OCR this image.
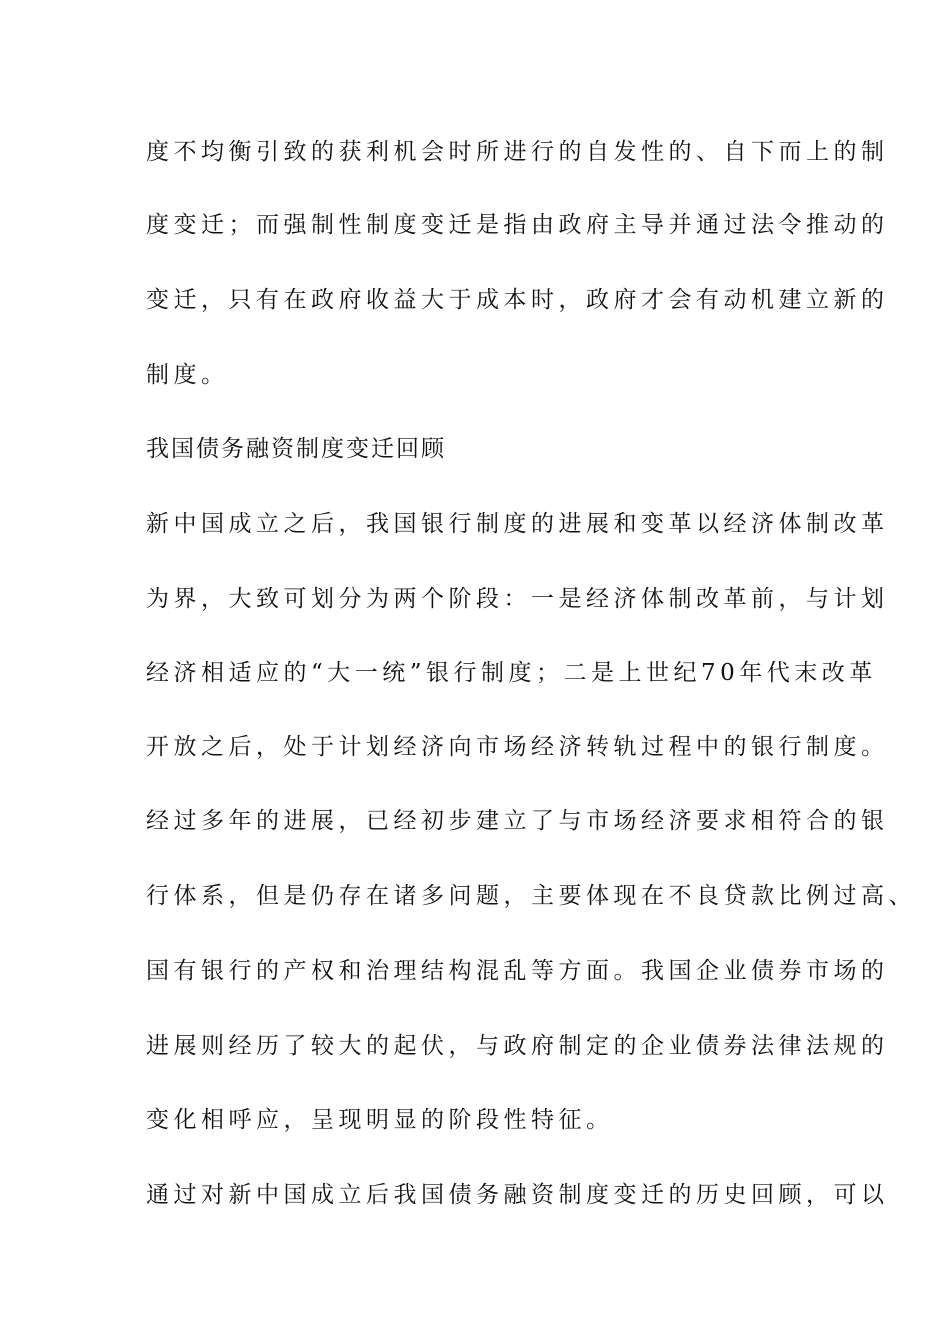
度不均衡引致的获利机会时所进行的自发性的、自下而上的制
度变迁；而强制性制度变迁是指由政府主导并通过法令推动的
变迁，只有在政府收益大于成本时，政府才会有动机建立新的
制度。
我国债务融资制度变迁回顾
新中国成立之后，我国银行制度的进展和变革以经济体制改革
为界，大致可划分为两个阶段：一是经济体制改革前，与计划
经济相适应的“大一统”银行制度；二是上世纪70年代末改革
开放之后，处于计划经济向市场经济转轨过程中的银行制度。
经过多年的进展，已经初步建立了与市场经济要求相符合的银
行体系，但是仍存在诸多问题，主要体现在不良贷款比例过高、
国有银行的产权和治理结构混乱等方面。我国企业债券市场的
进展则经历了较大的起伏，与政府制定的企业债券法律法规的
变化相呼应，呈现明显的阶段性特征。
通过对新中国成立后我国债务融资制度变迁的历史回顾，可以
